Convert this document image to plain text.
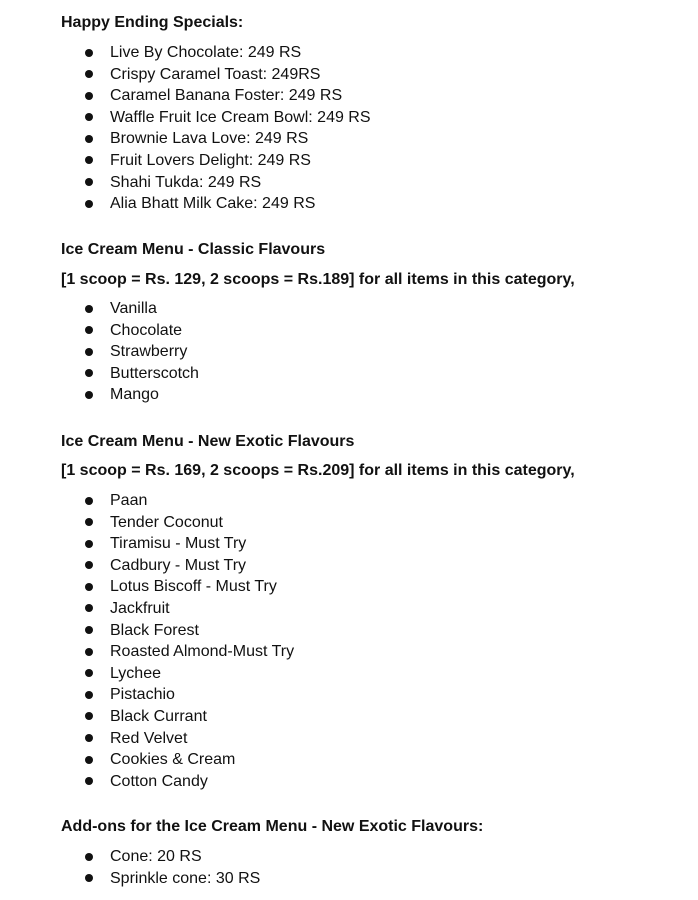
Happy Ending Specials:
Live By Chocolate: 249 RS
Crispy Caramel Toast: 249RS
Caramel Banana Foster: 249 RS
Waffle Fruit Ice Cream Bowl: 249 RS
Brownie Lava Love: 249 RS
Fruit Lovers Delight: 249 RS
Shahi Tukda: 249 RS
Alia Bhatt Milk Cake: 249 RS
Ice Cream Menu - Classic Flavours

[1 scoop = Rs. 129, 2 scoops = Rs.189] for all items in this category,

Vanilla
Chocolate
Strawberry
Butterscotch
Mango
Ice Cream Menu - New Exotic Flavours

[1 scoop = Rs. 169, 2 scoops = Rs.209] for all items in this category,

Paan
Tender Coconut
Tiramisu - Must Try
Cadbury - Must Try
Lotus Biscoff - Must Try
Jackfruit
Black Forest
Roasted Almond-Must Try
Lychee
Pistachio
Black Currant
Red Velvet
Cookies & Cream
Cotton Candy
Add-ons for the Ice Cream Menu - New Exotic Flavours:
Cone: 20 RS
Sprinkle cone: 30 RS
